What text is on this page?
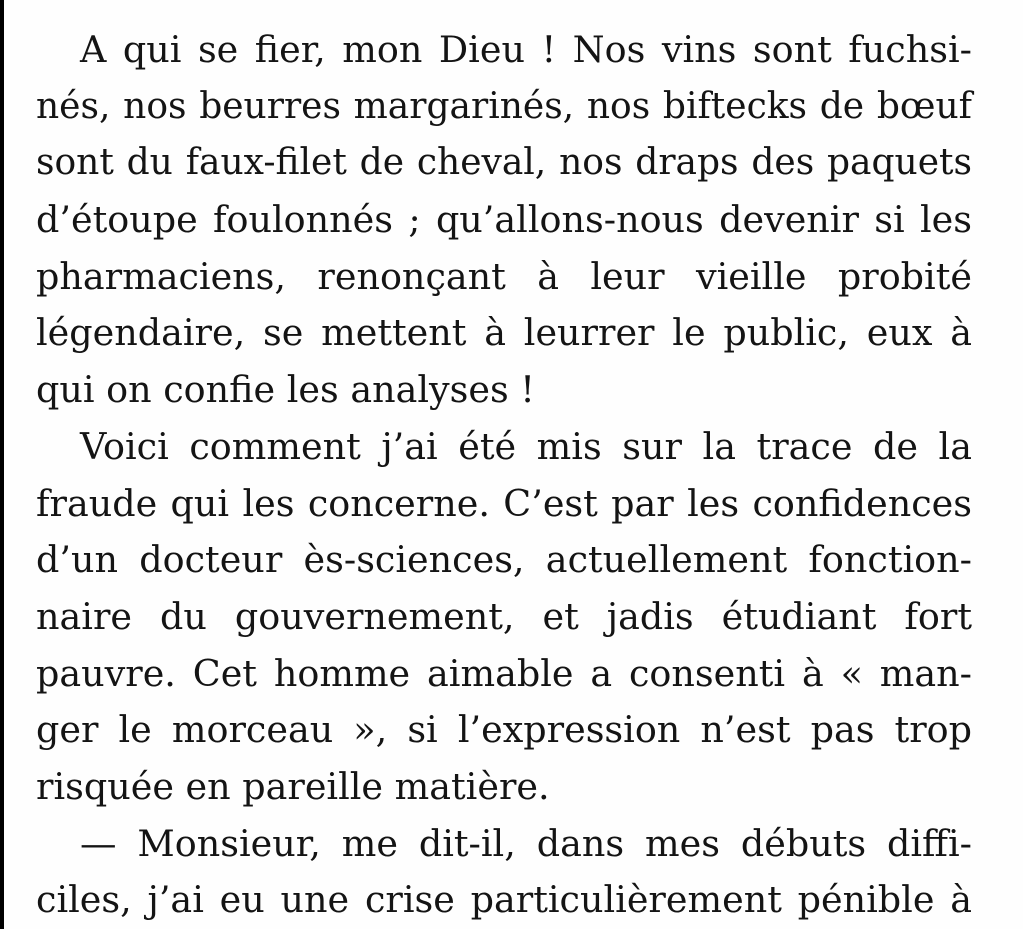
A qui se fier, mon Dieu ! Nos vins sont fuchsi-
nés, nos beurres margarinés, nos biftecks de bœuf
sont du faux-filet de cheval, nos draps des paquets
d’étoupe foulonnés ; qu’allons-nous devenir si les
pharmaciens, renonçant à leur vieille probité
légendaire, se mettent à leurrer le public, eux à
qui on confie les analyses !
Voici comment j’ai été mis sur la trace de la
fraude qui les concerne. C’est par les confidences
d’un docteur ès-sciences, actuellement fonction-
naire du gouvernement, et jadis étudiant fort
pauvre. Cet homme aimable a consenti à « man-
ger le morceau », si l’expression n’est pas trop
risquée en pareille matière.
— Monsieur, me dit-il, dans mes débuts diffi-
ciles, j’ai eu une crise particulièrement pénible à
